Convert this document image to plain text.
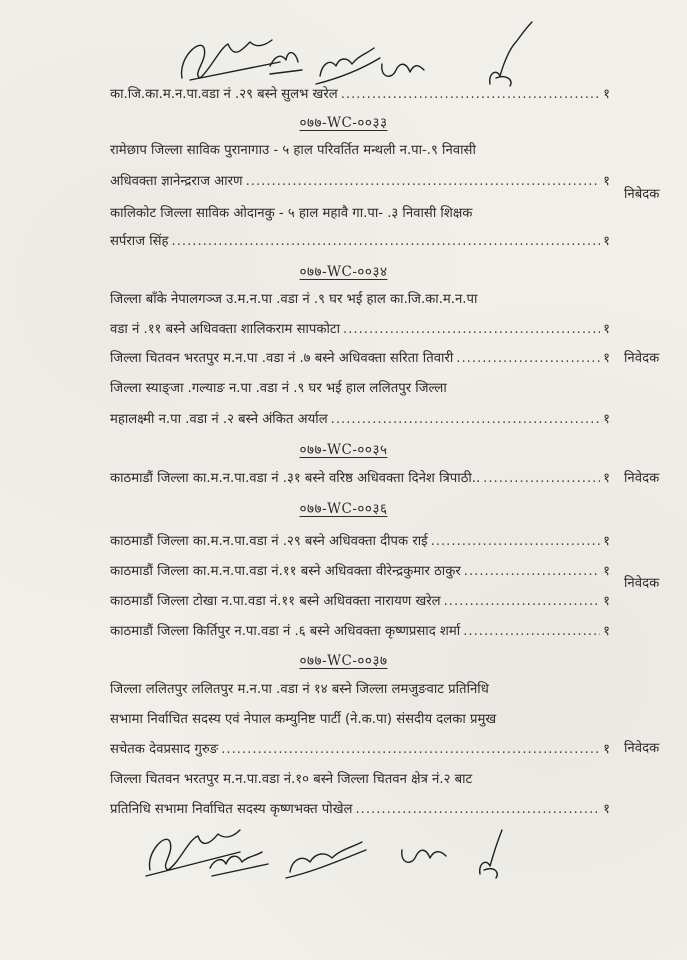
का.जि.का.म.न.पा.वडा नं .२९ बस्ने सुलभ खरेल .....	१
०७७-WC-००३३
रामेछाप जिल्ला साविक पुरानागाउ - ५ हाल परिवर्तित मन्थली न.पा-.९ निवासी
अधिवक्ता ज्ञानेन्द्रराज आरण .....	१
निबेदक
कालिकोट जिल्ला साविक ओदानकु - ५ हाल महावै गा.पा- .३ निवासी शिक्षक
सर्पराज सिंह .....	१
०७७-WC-००३४
जिल्ला बाँके नेपालगञ्ज उ.म.न.पा .वडा नं .९ घर भई हाल का.जि.का.म.न.पा
वडा नं .११ बस्ने अधिवक्ता शालिकराम सापकोटा .....	१
जिल्ला चितवन भरतपुर म.न.पा .वडा नं .७ बस्ने अधिवक्ता सरिता तिवारी .....	१ निवेदक
जिल्ला स्याङ्जा .गल्याङ न.पा .वडा नं .९ घर भई हाल ललितपुर जिल्ला
महालक्ष्मी न.पा .वडा नं .२ बस्ने अंकित अर्याल .....	१
०७७-WC-००३५
काठमाडौं जिल्ला का.म.न.पा.वडा नं .३१ बस्ने वरिष्ठ अधिवक्ता दिनेश त्रिपाठी.. .....	१ निवेदक
०७७-WC-००३६
काठमाडौं जिल्ला का.म.न.पा.वडा नं .२९ बस्ने अधिवक्ता दीपक राई .....	१
काठमाडौं जिल्ला का.म.न.पा.वडा नं.११ बस्ने अधिवक्ता वीरेन्द्रकुमार ठाकुर .....	१
निवेदक
काठमाडौं जिल्ला टोखा न.पा.वडा नं.११ बस्ने अधिवक्ता नारायण खरेल .....	१
काठमाडौं जिल्ला किर्तिपुर न.पा.वडा नं .६ बस्ने अधिवक्ता कृष्णप्रसाद शर्मा .....	१
०७७-WC-००३७
जिल्ला ललितपुर ललितपुर म.न.पा .वडा नं १४ बस्ने जिल्ला लमजुङवाट प्रतिनिधि
सभामा निर्वाचित सदस्य एवं नेपाल कम्युनिष्ट पार्टी (ने.क.पा) संसदीय दलका प्रमुख
सचेतक देवप्रसाद गुरुङ .....	१ निवेदक
जिल्ला चितवन भरतपुर म.न.पा.वडा नं.१० बस्ने जिल्ला चितवन क्षेत्र नं.२ बाट
प्रतिनिधि सभामा निर्वाचित सदस्य कृष्णभक्त पोखेल .....	१
